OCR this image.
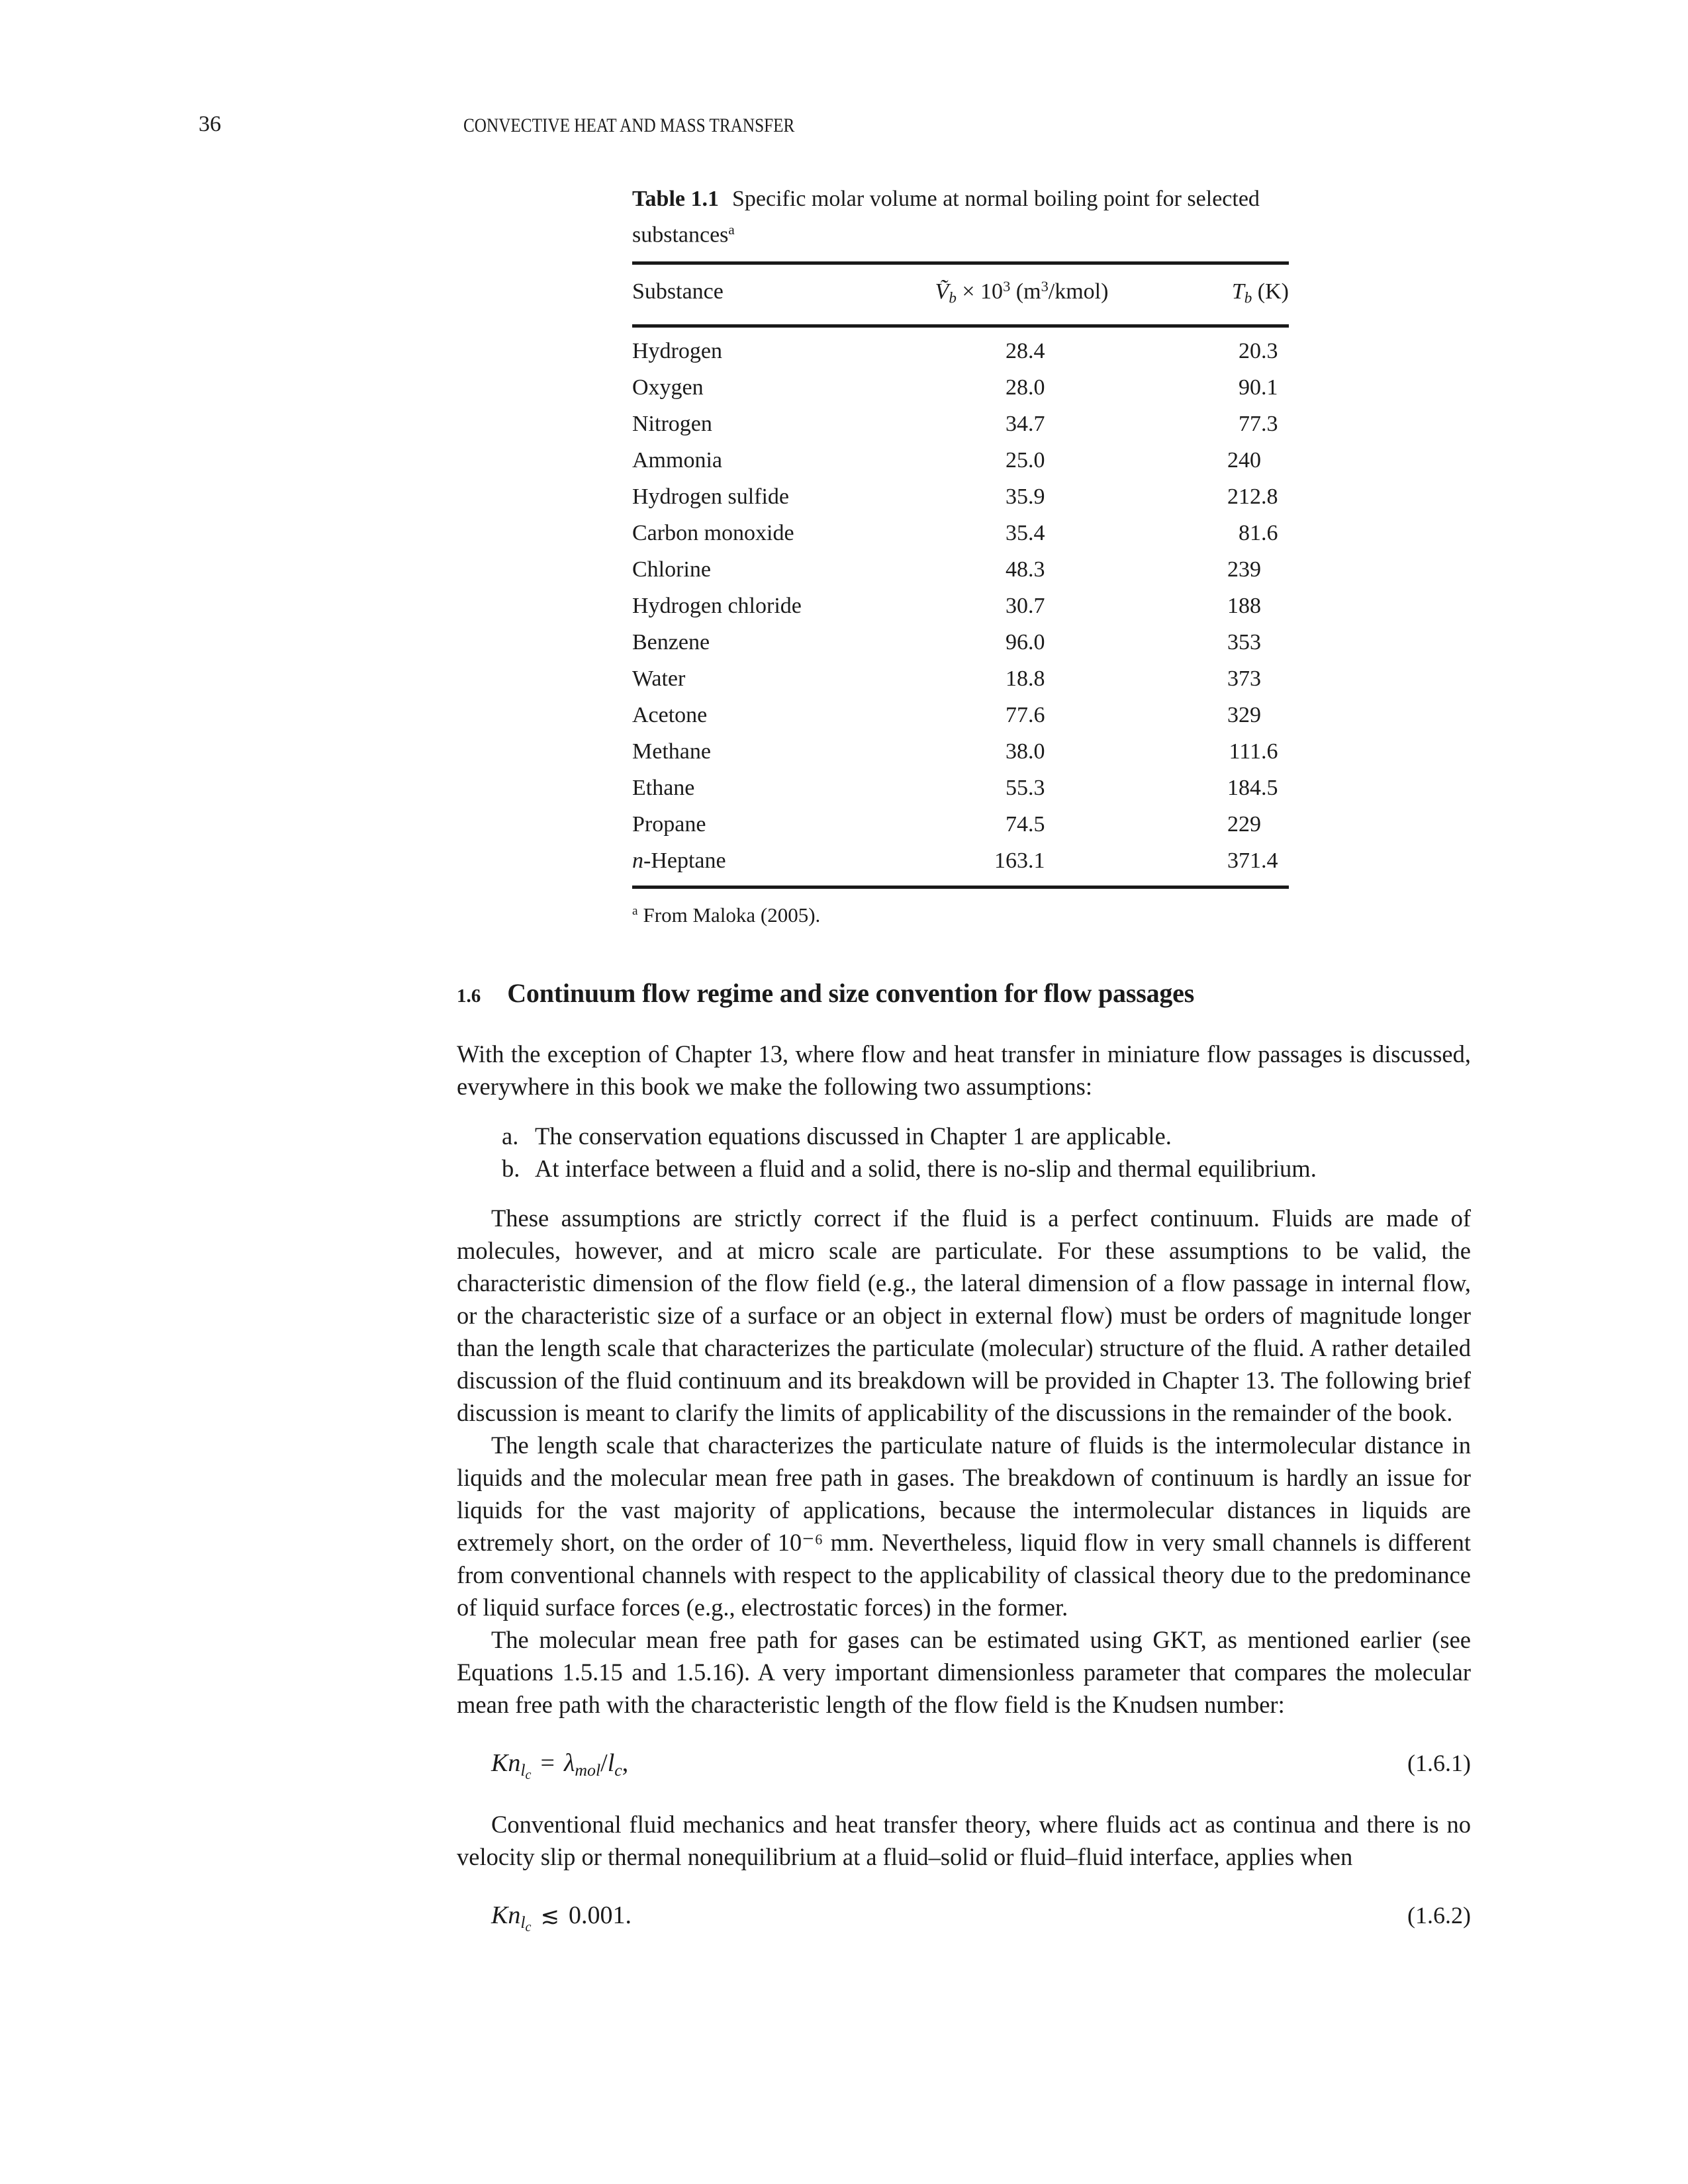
36	CONVECTIVE HEAT AND MASS TRANSFER

Table 1.1 Specific molar volume at normal boiling point for selected substances$^a$

Substance	Ṽ$_b$ × $10^3$ $(m^3/kmol)$	$T_b$ (K)
Hydrogen	28 .4	20 .3
Oxygen	28 .0	90 .1
Nitrogen	34 .7	77 .3
Ammonia	25 .0	240
Hydrogen sulfide	35 .9	212 .8
Carbon monoxide	35 .4	81 .6
Chlorine	48 .3	239
Hydrogen chloride	30 .7	188
Benzene	96 .0	353
Water	18 .8	373
Acetone	77 .6	329
Methane	38 .0	111 .6
Ethane	55 .3	184 .5
Propane	74 .5	229
n-Heptane	163 .1	371 .4

$^a$ From Maloka (2005).

1.6 Continuum flow regime and size convention for flow passages

With the exception of Chapter 13, where flow and heat transfer in miniature flow passages is discussed, everywhere in this book we make the following two assumptions:

a. The conservation equations discussed in Chapter 1 are applicable.
b. At interface between a fluid and a solid, there is no-slip and thermal equilibrium.

These assumptions are strictly correct if the fluid is a perfect continuum. Fluids are made of molecules, however, and at micro scale are particulate. For these assumptions to be valid, the characteristic dimension of the flow field (e.g., the lateral dimension of a flow passage in internal flow, or the characteristic size of a surface or an object in external flow) must be orders of magnitude longer than the length scale that characterizes the particulate (molecular) structure of the fluid. A rather detailed discussion of the fluid continuum and its breakdown will be provided in Chapter 13. The following brief discussion is meant to clarify the limits of applicability of the discussions in the remainder of the book.

The length scale that characterizes the particulate nature of fluids is the intermolecular distance in liquids and the molecular mean free path in gases. The breakdown of continuum is hardly an issue for liquids for the vast majority of applications, because the intermolecular distances in liquids are extremely short, on the order of 10⁻⁶ mm. Nevertheless, liquid flow in very small channels is different from conventional channels with respect to the applicability of classical theory due to the predominance of liquid surface forces (e.g., electrostatic forces) in the former.

The molecular mean free path for gases can be estimated using GKT, as mentioned earlier (see Equations 1.5.15 and 1.5.16). A very important dimensionless parameter that compares the molecular mean free path with the characteristic length of the flow field is the Knudsen number:

$Kn_{l_c} = \lambda_{mol}/l_c$,	(1.6.1)

Conventional fluid mechanics and heat transfer theory, where fluids act as continua and there is no velocity slip or thermal nonequilibrium at a fluid–solid or fluid–fluid interface, applies when

$Kn_{l_c}$ ≲ 0.001.	(1.6.2)
